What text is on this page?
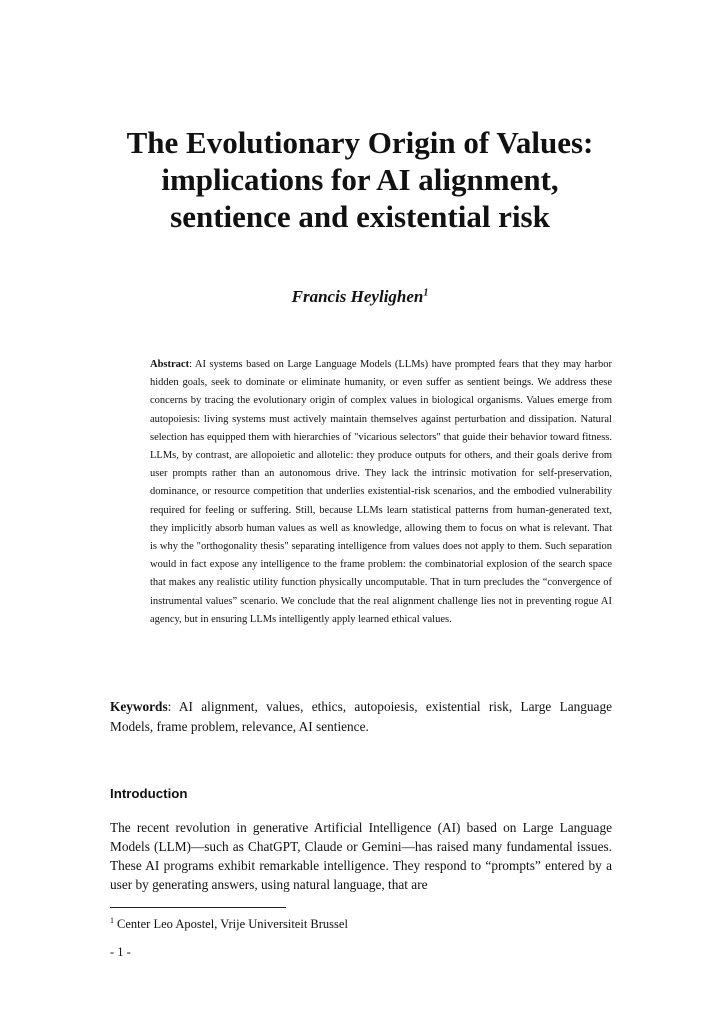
The Evolutionary Origin of Values:
implications for AI alignment,
sentience and existential risk
Francis Heylighen$^1$

Abstract: AI systems based on Large Language Models (LLMs) have prompted fears that they may harbor hidden goals, seek to dominate or eliminate humanity, or even suffer as sentient beings. We address these concerns by tracing the evolutionary origin of complex values in biological organisms. Values emerge from autopoiesis: living systems must actively maintain themselves against perturbation and dissipation. Natural selection has equipped them with hierarchies of "vicarious selectors" that guide their behavior toward fitness. LLMs, by contrast, are allopoietic and allotelic: they produce outputs for others, and their goals derive from user prompts rather than an autonomous drive. They lack the intrinsic motivation for self-preservation, dominance, or resource competition that underlies existential-risk scenarios, and the embodied vulnerability required for feeling or suffering. Still, because LLMs learn statistical patterns from human-generated text, they implicitly absorb human values as well as knowledge, allowing them to focus on what is relevant. That is why the "orthogonality thesis" separating intelligence from values does not apply to them. Such separation would in fact expose any intelligence to the frame problem: the combinatorial explosion of the search space that makes any realistic utility function physically uncomputable. That in turn precludes the “convergence of instrumental values” scenario. We conclude that the real alignment challenge lies not in preventing rogue AI agency, but in ensuring LLMs intelligently apply learned ethical values.

Keywords: AI alignment, values, ethics, autopoiesis, existential risk, Large Language Models, frame problem, relevance, AI sentience.

Introduction

The recent revolution in generative Artificial Intelligence (AI) based on Large Language Models (LLM)—such as ChatGPT, Claude or Gemini—has raised many fundamental issues. These AI programs exhibit remarkable intelligence. They respond to “prompts” entered by a user by generating answers, using natural language, that are

$^1$ Center Leo Apostel, Vrije Universiteit Brussel

- 1 -
